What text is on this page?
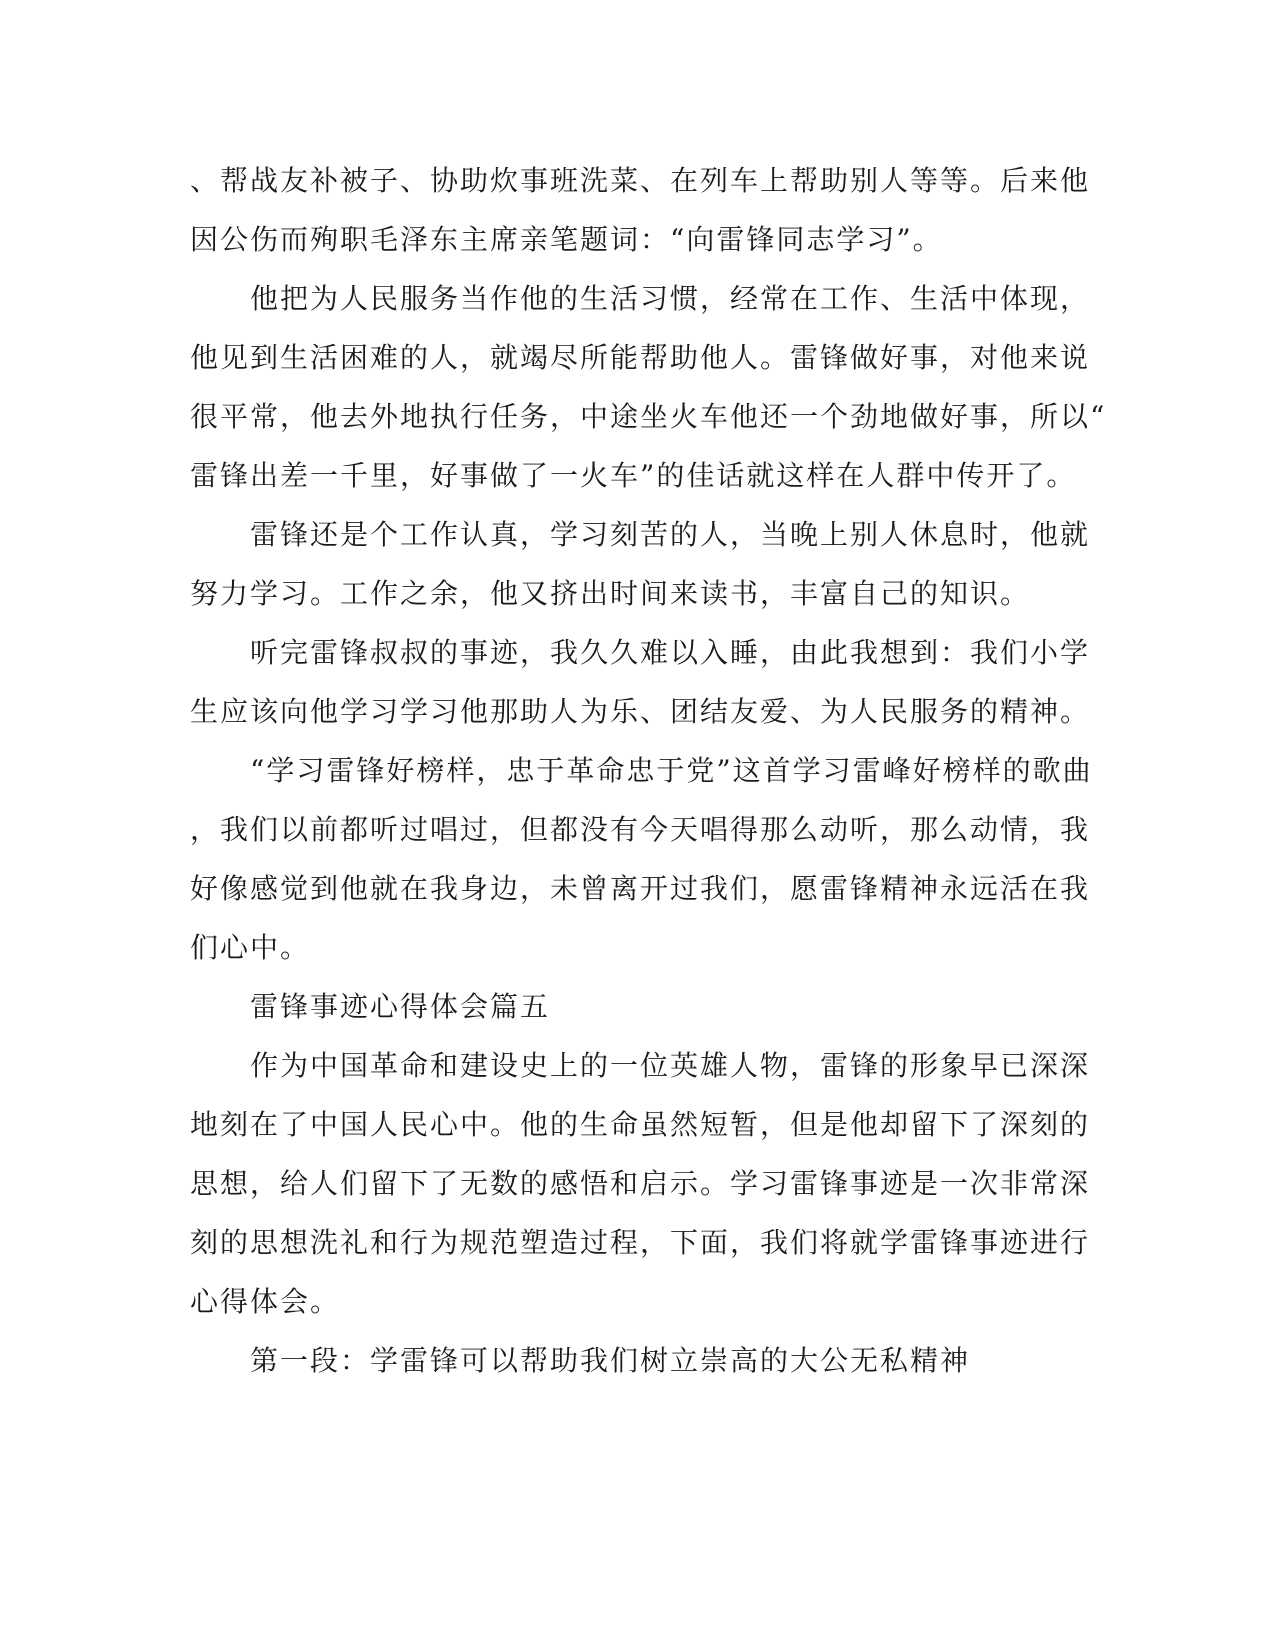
、帮战友补被子、协助炊事班洗菜、在列车上帮助别人等等。后来他
因公伤而殉职毛泽东主席亲笔题词：“向雷锋同志学习”。
　　他把为人民服务当作他的生活习惯，经常在工作、生活中体现，
他见到生活困难的人，就竭尽所能帮助他人。雷锋做好事，对他来说
很平常，他去外地执行任务，中途坐火车他还一个劲地做好事，所以“
雷锋出差一千里，好事做了一火车”的佳话就这样在人群中传开了。
　　雷锋还是个工作认真，学习刻苦的人，当晚上别人休息时，他就
努力学习。工作之余，他又挤出时间来读书，丰富自己的知识。
　　听完雷锋叔叔的事迹，我久久难以入睡，由此我想到：我们小学
生应该向他学习学习他那助人为乐、团结友爱、为人民服务的精神。
　　“学习雷锋好榜样，忠于革命忠于党”这首学习雷峰好榜样的歌曲
，我们以前都听过唱过，但都没有今天唱得那么动听，那么动情，我
好像感觉到他就在我身边，未曾离开过我们，愿雷锋精神永远活在我
们心中。
　　雷锋事迹心得体会篇五
　　作为中国革命和建设史上的一位英雄人物，雷锋的形象早已深深
地刻在了中国人民心中。他的生命虽然短暂，但是他却留下了深刻的
思想，给人们留下了无数的感悟和启示。学习雷锋事迹是一次非常深
刻的思想洗礼和行为规范塑造过程，下面，我们将就学雷锋事迹进行
心得体会。
　　第一段：学雷锋可以帮助我们树立崇高的大公无私精神
